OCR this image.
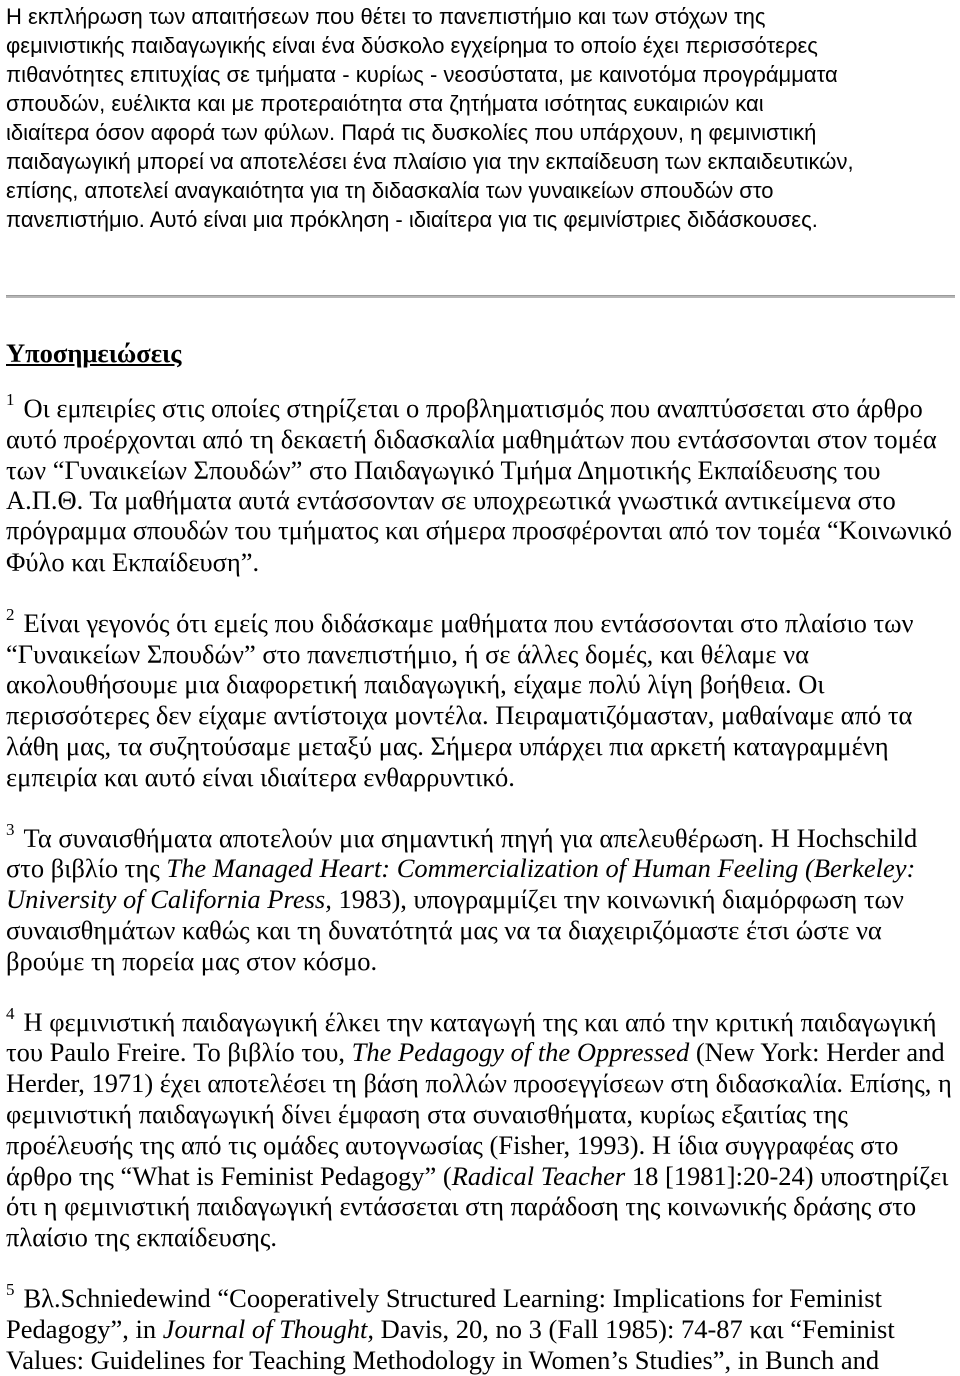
Η εκπλήρωση των απαιτήσεων που θέτει το πανεπιστήμιο και των στόχων της
φεμινιστικής παιδαγωγικής είναι ένα δύσκολο εγχείρημα το οποίο έχει περισσότερες
πιθανότητες επιτυχίας σε τμήματα - κυρίως - νεοσύστατα, με καινοτόμα προγράμματα
σπουδών, ευέλικτα και με προτεραιότητα στα ζητήματα ισότητας ευκαιριών και
ιδιαίτερα όσον αφορά των φύλων. Παρά τις δυσκολίες που υπάρχουν, η φεμινιστική
παιδαγωγική μπορεί να αποτελέσει ένα πλαίσιο για την εκπαίδευση των εκπαιδευτικών,
επίσης, αποτελεί αναγκαιότητα για τη διδασκαλία των γυναικείων σπουδών στο
πανεπιστήμιο. Αυτό είναι μια πρόκληση - ιδιαίτερα για τις φεμινίστριες διδάσκουσες.
Υποσημειώσεις
$^1$ Οι εμπειρίες στις οποίες στηρίζεται ο προβληματισμός που αναπτύσσεται στο άρθρο
αυτό προέρχονται από τη δεκαετή διδασκαλία μαθημάτων που εντάσσονται στον τομέα
των “Γυναικείων Σπουδών” στο Παιδαγωγικό Τμήμα Δημοτικής Εκπαίδευσης του
Α.Π.Θ. Τα μαθήματα αυτά εντάσσονταν σε υποχρεωτικά γνωστικά αντικείμενα στο
πρόγραμμα σπουδών του τμήματος και σήμερα προσφέρονται από τον τομέα “Κοινωνικό
Φύλο και Εκπαίδευση”.
$^2$ Είναι γεγονός ότι εμείς που διδάσκαμε μαθήματα που εντάσσονται στο πλαίσιο των
“Γυναικείων Σπουδών” στο πανεπιστήμιο, ή σε άλλες δομές, και θέλαμε να
ακολουθήσουμε μια διαφορετική παιδαγωγική, είχαμε πολύ λίγη βοήθεια. Οι
περισσότερες δεν είχαμε αντίστοιχα μοντέλα. Πειραματιζόμασταν, μαθαίναμε από τα
λάθη μας, τα συζητούσαμε μεταξύ μας. Σήμερα υπάρχει πια αρκετή καταγραμμένη
εμπειρία και αυτό είναι ιδιαίτερα ενθαρρυντικό.
$^3$ Τα συναισθήματα αποτελούν μια σημαντική πηγή για απελευθέρωση. Η Hochschild
στο βιβλίο της The Managed Heart: Commercialization of Human Feeling (Berkeley:
University of California Press, 1983), υπογραμμίζει την κοινωνική διαμόρφωση των
συναισθημάτων καθώς και τη δυνατότητά μας να τα διαχειριζόμαστε έτσι ώστε να
βρούμε τη πορεία μας στον κόσμο.
$^4$ Η φεμινιστική παιδαγωγική έλκει την καταγωγή της και από την κριτική παιδαγωγική
του Paulo Freire. Το βιβλίο του, The Pedagogy of the Oppressed (New York: Herder and
Herder, 1971) έχει αποτελέσει τη βάση πολλών προσεγγίσεων στη διδασκαλία. Επίσης, η
φεμινιστική παιδαγωγική δίνει έμφαση στα συναισθήματα, κυρίως εξαιτίας της
προέλευσής της από τις ομάδες αυτογνωσίας (Fisher, 1993). Η ίδια συγγραφέας στο
άρθρο της “What is Feminist Pedagogy” (Radical Teacher 18 [1981]:20-24) υποστηρίζει
ότι η φεμινιστική παιδαγωγική εντάσσεται στη παράδοση της κοινωνικής δράσης στο
πλαίσιο της εκπαίδευσης.
$^5$ Βλ.Schniedewind “Cooperatively Structured Learning: Implications for Feminist
Pedagogy”, in Journal of Thought, Davis, 20, no 3 (Fall 1985): 74-87 και “Feminist
Values: Guidelines for Teaching Methodology in Women’s Studies”, in Bunch and
